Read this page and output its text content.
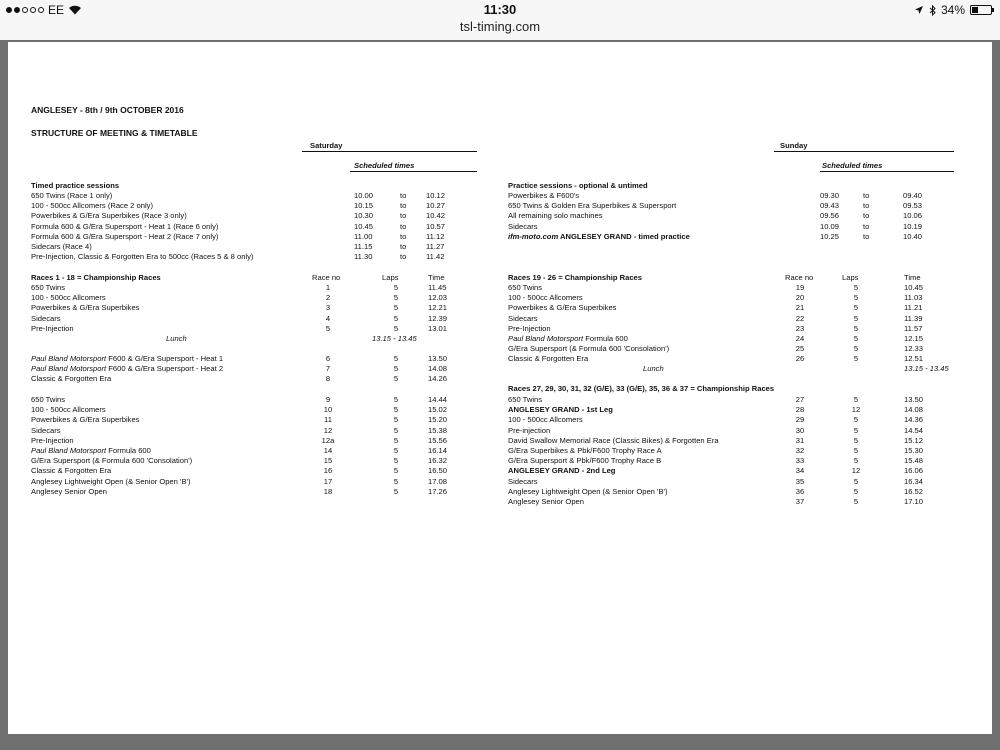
EE	11:30
tsl-timing.com
34%
ANGLESEY - 8th / 9th OCTOBER 2016
STRUCTURE OF MEETING & TIMETABLE
Saturday
Scheduled times
Sunday
Scheduled times
Timed practice sessions
650 Twins (Race 1 only)	10.00	to	10.12
100 - 500cc Allcomers (Race 2 only)	10.15	to	10.27
Powerbikes & G/Era Superbikes (Race 3 only)	10.30	to	10.42
Formula 600 & G/Era Supersport - Heat 1 (Race 6 only)	10.45	to	10.57
Formula 600 & G/Era Supersport - Heat 2 (Race 7 only)	11.00	to	11.12
Sidecars (Race 4)	11.15	to	11.27
Pre-Injection, Classic & Forgotten Era to 500cc (Races 5 & 8 only)	11.30	to	11.42
Practice sessions - optional & untimed
Powerbikes & F600's	09.30	to	09.40
650 Twins & Golden Era Superbikes & Supersport	09.43	to	09.53
All remaining solo machines	09.56	to	10.06
Sidecars	10.09	to	10.19
ifm-moto.com ANGLESEY GRAND - timed practice	10.25	to	10.40
Races 1 - 18 = Championship Races	Race no	Laps	Time
650 Twins	1	5	11.45
100 - 500cc Allcomers	2	5	12.03
Powerbikes & G/Era Superbikes	3	5	12.21
Sidecars	4	5	12.39
Pre-Injection	5	5	13.01
Lunch	13.15 - 13.45
Paul Bland Motorsport F600 & G/Era Supersport - Heat 1	6	5	13.50
Paul Bland Motorsport F600 & G/Era Supersport - Heat 2	7	5	14.08
Classic & Forgotten Era	8	5	14.26
650 Twins	9	5	14.44
100 - 500cc Allcomers	10	5	15.02
Powerbikes & G/Era Superbikes	11	5	15.20
Sidecars	12	5	15.38
Pre-Injection	12a	5	15.56
Paul Bland Motorsport Formula 600	14	5	16.14
G/Era Supersport (& Formula 600 'Consolation')	15	5	16.32
Classic & Forgotten Era	16	5	16.50
Anglesey Lightweight Open (& Senior Open 'B')	17	5	17.08
Anglesey Senior Open	18	5	17.26
Races 19 - 26 = Championship Races	Race no	Laps	Time
650 Twins	19	5	10.45
100 - 500cc Allcomers	20	5	11.03
Powerbikes & G/Era Superbikes	21	5	11.21
Sidecars	22	5	11.39
Pre-Injection	23	5	11.57
Paul Bland Motorsport Formula 600	24	5	12.15
G/Era Supersport (& Formula 600 'Consolation')	25	5	12.33
Classic & Forgotten Era	26	5	12.51
Lunch	13.15 - 13.45
Races 27, 29, 30, 31, 32 (G/E), 33 (G/E), 35, 36 & 37 = Championship Races
650 Twins	27	5	13.50
ANGLESEY GRAND - 1st Leg	28	12	14.08
100 - 500cc Allcomers	29	5	14.36
Pre-injection	30	5	14.54
David Swallow Memorial Race (Classic Bikes) & Forgotten Era	31	5	15.12
G/Era Superbikes & Pbk/F600 Trophy Race A	32	5	15.30
G/Era Supersport & Pbk/F600 Trophy Race B	33	5	15.48
ANGLESEY GRAND - 2nd Leg	34	12	16.06
Sidecars	35	5	16.34
Anglesey Lightweight Open (& Senior Open 'B')	36	5	16.52
Anglesey Senior Open	37	5	17.10
